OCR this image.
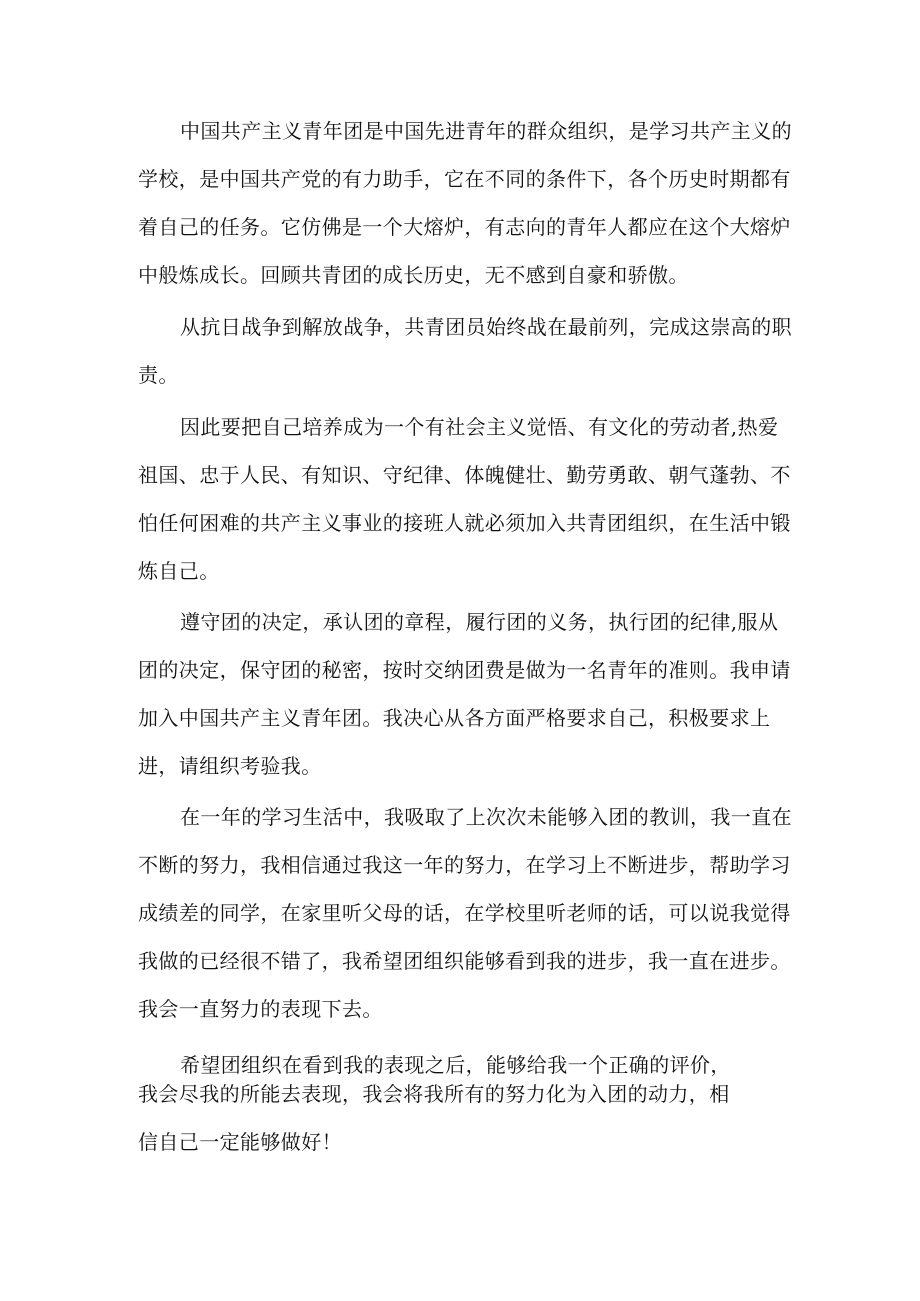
中国共产主义青年团是中国先进青年的群众组织，是学习共产主义的

学校，是中国共产党的有力助手，它在不同的条件下，各个历史时期都有

着自己的任务。它仿佛是一个大熔炉，有志向的青年人都应在这个大熔炉

中般炼成长。回顾共青团的成长历史，无不感到自豪和骄傲。

从抗日战争到解放战争，共青团员始终战在最前列，完成这崇高的职

责。

因此要把自己培养成为一个有社会主义觉悟、有文化的劳动者,热爱

祖国、忠于人民、有知识、守纪律、体魄健壮、勤劳勇敢、朝气蓬勃、不

怕任何困难的共产主义事业的接班人就必须加入共青团组织，在生活中锻

炼自己。

遵守团的决定，承认团的章程，履行团的义务，执行团的纪律,服从

团的决定，保守团的秘密，按时交纳团费是做为一名青年的准则。我申请

加入中国共产主义青年团。我决心从各方面严格要求自己，积极要求上

进，请组织考验我。

在一年的学习生活中，我吸取了上次次未能够入团的教训，我一直在

不断的努力，我相信通过我这一年的努力，在学习上不断进步，帮助学习

成绩差的同学，在家里听父母的话，在学校里听老师的话，可以说我觉得

我做的已经很不错了，我希望团组织能够看到我的进步，我一直在进步。

我会一直努力的表现下去。

希望团组织在看到我的表现之后，能够给我一个正确的评价，

我会尽我的所能去表现，我会将我所有的努力化为入团的动力，相

信自己一定能够做好！
